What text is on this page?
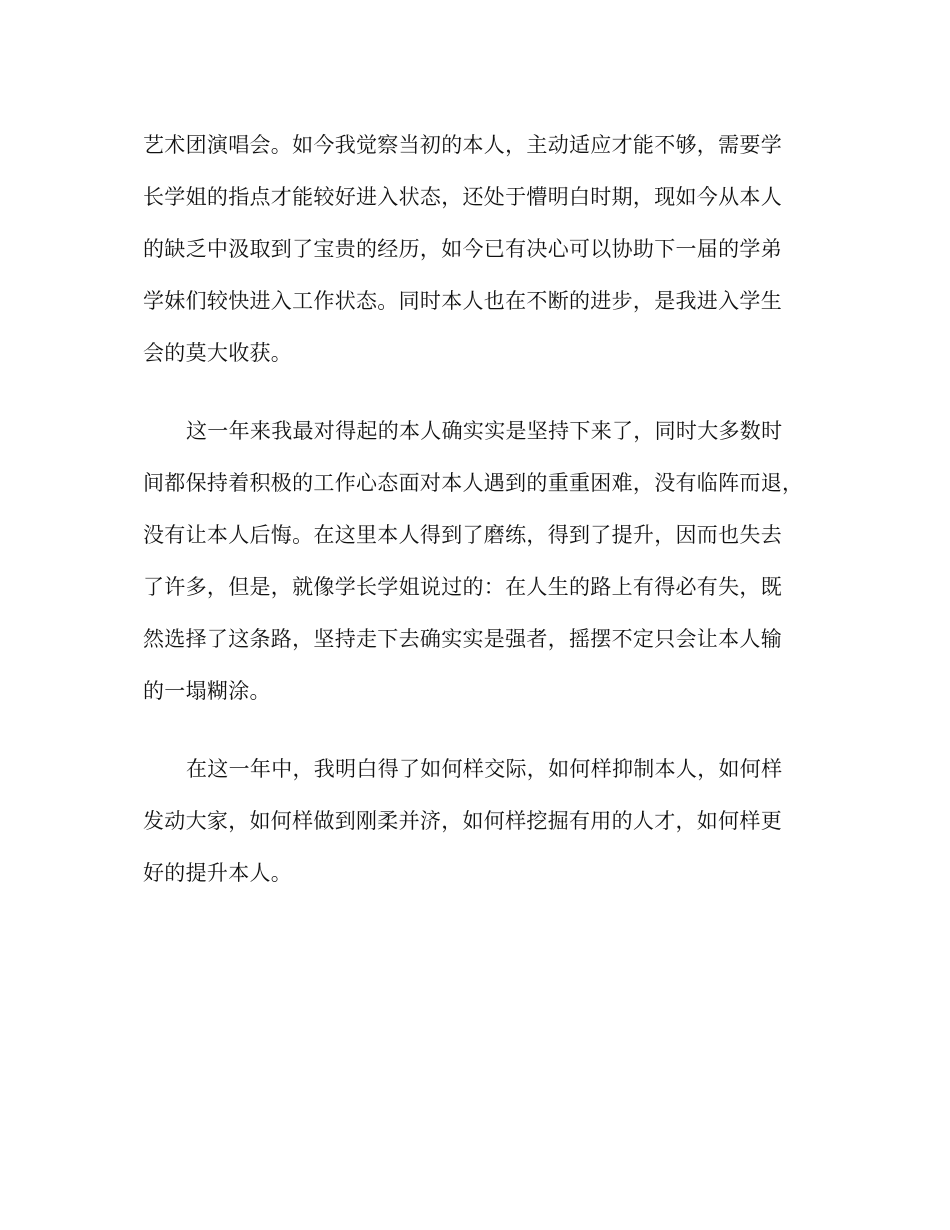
艺术团演唱会。如今我觉察当初的本人，主动适应才能不够，需要学
长学姐的指点才能较好进入状态，还处于懵明白时期，现如今从本人
的缺乏中汲取到了宝贵的经历，如今已有决心可以协助下一届的学弟
学妹们较快进入工作状态。同时本人也在不断的进步，是我进入学生
会的莫大收获。
这一年来我最对得起的本人确实实是坚持下来了，同时大多数时
间都保持着积极的工作心态面对本人遇到的重重困难，没有临阵而退，
没有让本人后悔。在这里本人得到了磨练，得到了提升，因而也失去
了许多，但是，就像学长学姐说过的：在人生的路上有得必有失，既
然选择了这条路，坚持走下去确实实是强者，摇摆不定只会让本人输
的一塌糊涂。
在这一年中，我明白得了如何样交际，如何样抑制本人，如何样
发动大家，如何样做到刚柔并济，如何样挖掘有用的人才，如何样更
好的提升本人。
